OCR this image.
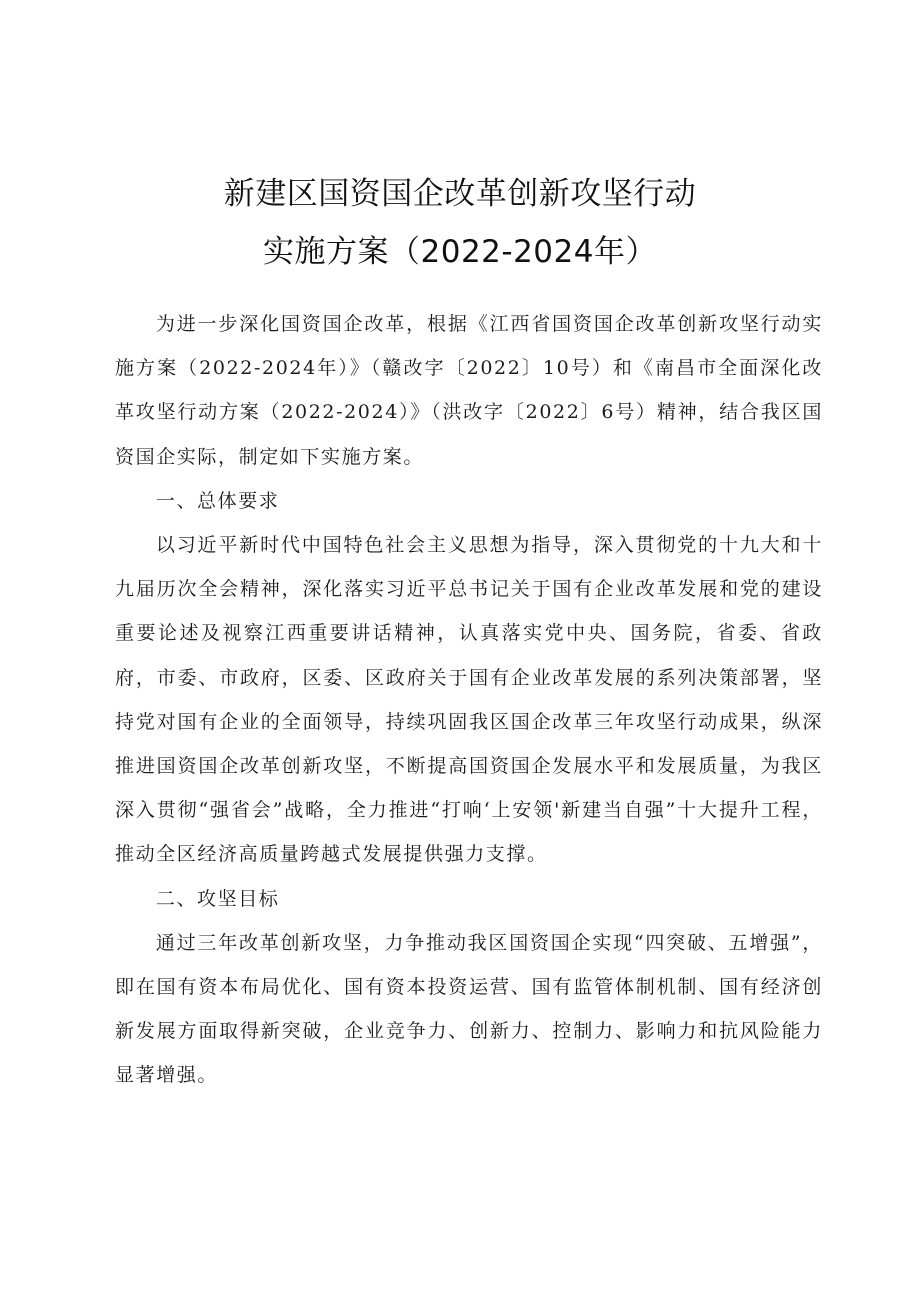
新建区国资国企改革创新攻坚行动
实施方案（2022-2024年）

为进一步深化国资国企改革，根据《江西省国资国企改革创新攻坚行动实施方案（2022-2024年）》（赣改字〔2022〕10号）和《南昌市全面深化改革攻坚行动方案（2022-2024）》（洪改字〔2022〕6号）精神，结合我区国资国企实际，制定如下实施方案。

一、总体要求

以习近平新时代中国特色社会主义思想为指导，深入贯彻党的十九大和十九届历次全会精神，深化落实习近平总书记关于国有企业改革发展和党的建设重要论述及视察江西重要讲话精神，认真落实党中央、国务院，省委、省政府，市委、市政府，区委、区政府关于国有企业改革发展的系列决策部署，坚持党对国有企业的全面领导，持续巩固我区国企改革三年攻坚行动成果，纵深推进国资国企改革创新攻坚，不断提高国资国企发展水平和发展质量，为我区深入贯彻“强省会”战略，全力推进“打响‘上安领'新建当自强”十大提升工程，推动全区经济高质量跨越式发展提供强力支撑。

二、攻坚目标

通过三年改革创新攻坚，力争推动我区国资国企实现“四突破、五增强”，即在国有资本布局优化、国有资本投资运营、国有监管体制机制、国有经济创新发展方面取得新突破，企业竞争力、创新力、控制力、影响力和抗风险能力显著增强。
